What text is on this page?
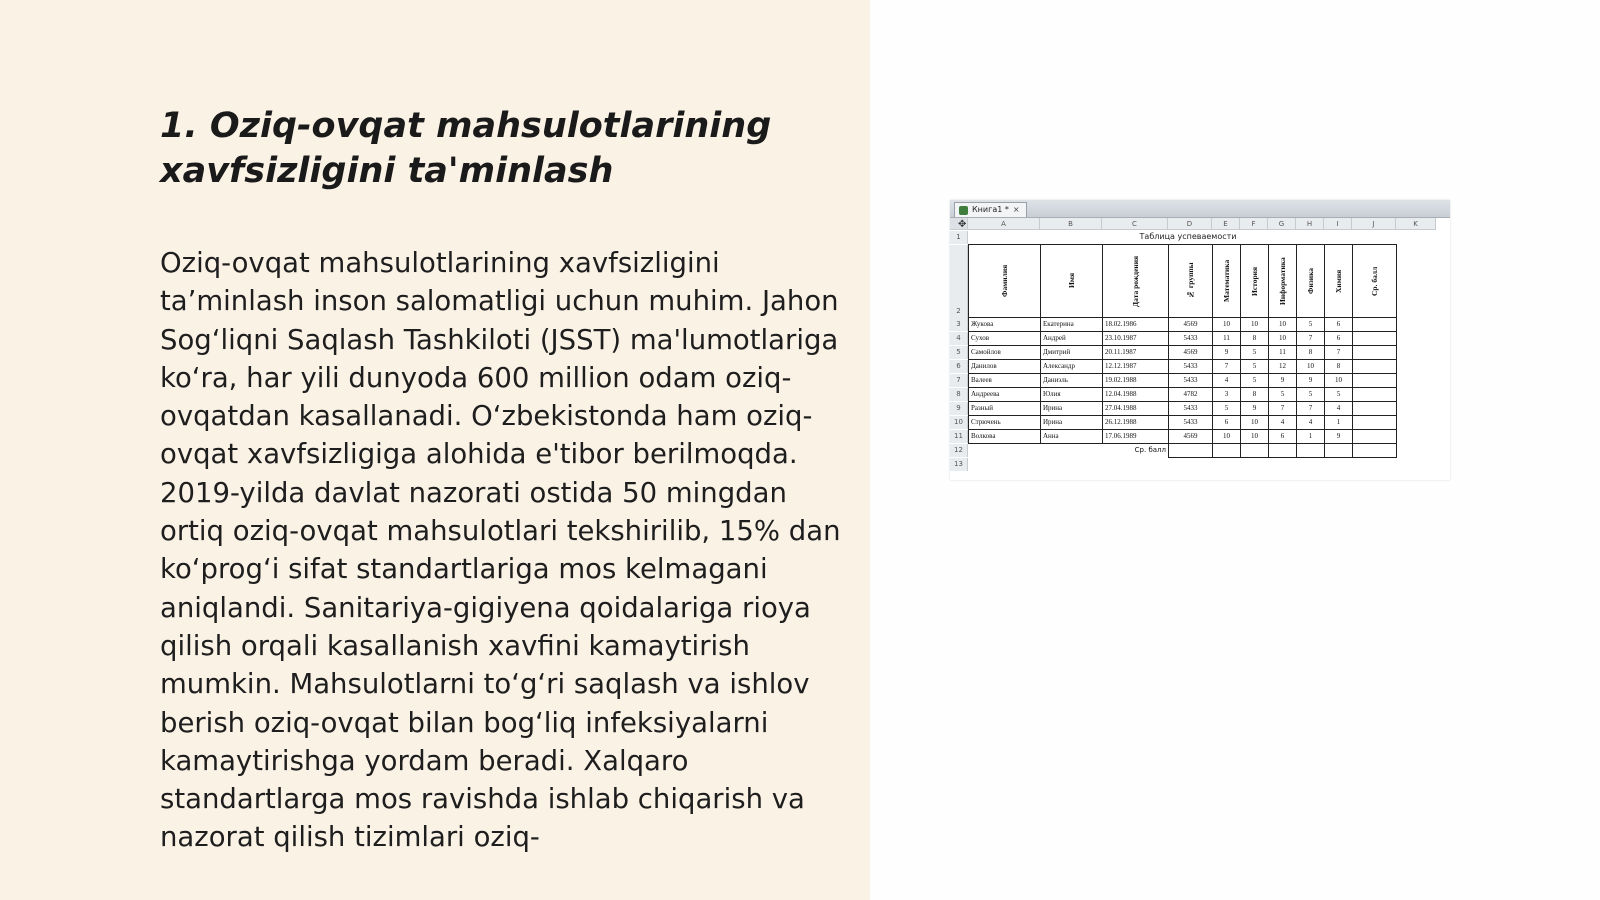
1. Oziq-ovqat mahsulotlarining xavfsizligini ta'minlash

Oziq-ovqat mahsulotlarining xavfsizligini ta’minlash inson salomatligi uchun muhim. Jahon Sog‘liqni Saqlash Tashkiloti (JSST) ma'lumotlariga ko‘ra, har yili dunyoda 600 million odam oziq-ovqatdan kasallanadi. O‘zbekistonda ham oziq-ovqat xavfsizligiga alohida e'tibor berilmoqda. 2019-yilda davlat nazorati ostida 50 mingdan ortiq oziq-ovqat mahsulotlari tekshirilib, 15% dan ko‘prog‘i sifat standartlariga mos kelmagani aniqlandi. Sanitariya-gigiyena qoidalariga rioya qilish orqali kasallanish xavfini kamaytirish mumkin. Mahsulotlarni to‘g‘ri saqlash va ishlov berish oziq-ovqat bilan bog‘liq infeksiyalarni kamaytirishga yordam beradi. Xalqaro standartlarga mos ravishda ishlab chiqarish va nazorat qilish tizimlari oziq-

Книга1 * ×
✥	A	B	C	D	E	F	G	H	I	J	K
1
2
3
4
5
6
7
8
9
10
11
12
13
Таблица успеваемости
Фамилия	Имя	Дата рождения	№ группы	Математика	История	Информатика	Физика	Химия	Ср. балл

Жукова	Екатерина	18.02.1986	4569	10	10	10	5	6	
Сухов	Андрей	23.10.1987	5433	11	8	10	7	6	
Самойлов	Дмитрий	20.11.1987	4569	9	5	11	8	7	
Данилов	Александр	12.12.1987	5433	7	5	12	10	8	
Валеев	Даниэль	19.02.1988	5433	4	5	9	9	10	
Андреева	Юлия	12.04.1988	4782	3	8	5	5	5	
Разный	Ирина	27.04.1988	5433	5	9	7	7	4	
Стрючень	Ирина	26.12.1988	5433	6	10	4	4	1	
Волкова	Анна	17.06.1989	4569	10	10	6	1	9	
		Ср. балл							
